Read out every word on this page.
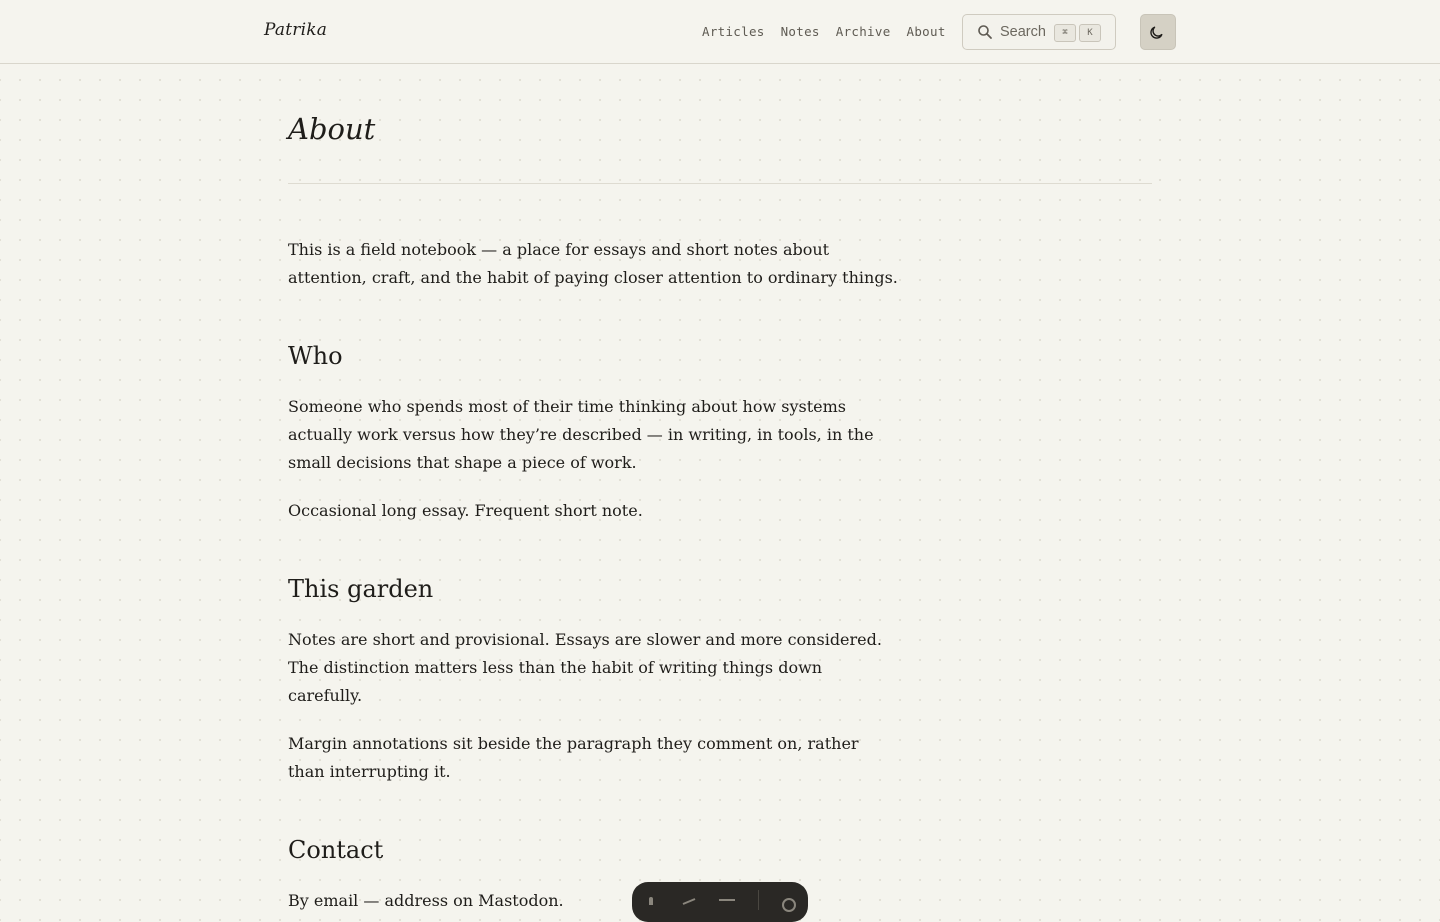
Patrika	Articles Notes Archive About	Search	⌘	K
About

This is a field notebook — a place for essays and short notes about attention, craft, and the habit of paying closer attention to ordinary things.

Who

Someone who spends most of their time thinking about how systems actually work versus how they’re described — in writing, in tools, in the small decisions that shape a piece of work.

Occasional long essay. Frequent short note.

This garden

Notes are short and provisional. Essays are slower and more considered. The distinction matters less than the habit of writing things down carefully.

Margin annotations sit beside the paragraph they comment on, rather than interrupting it.

Contact

By email — address on Mastodon.
